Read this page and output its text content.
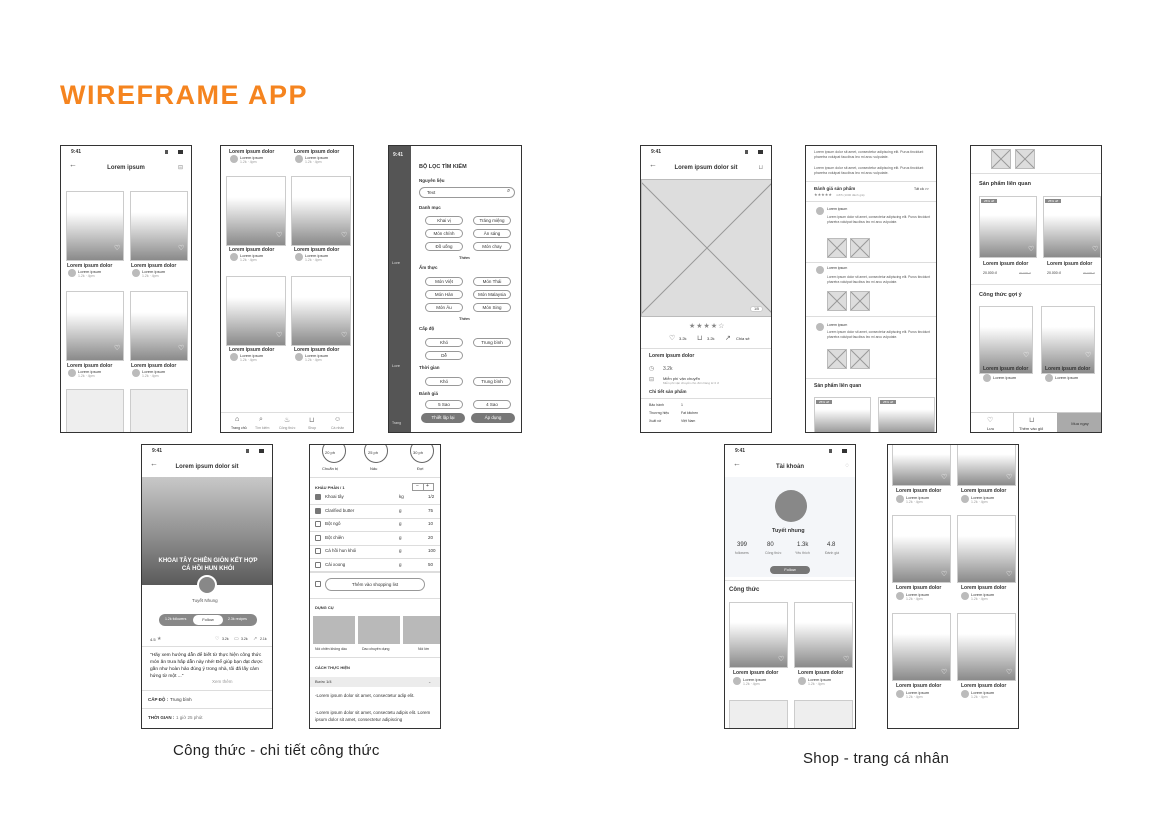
WIREFRAME APP
Công thức - chi tiết công thức	Shop - trang cá nhân
9:41
←	Lorem ipsum	⊟
♡	♡
Lorem ipsum dolor	Lorem ipsum dolor
Lorem ipsum
1.2k · 4pm
Lorem ipsum
1.2k · 4pm
♡	♡
Lorem ipsum dolor	Lorem ipsum dolor
Lorem ipsum
1.2k · 4pm
Lorem ipsum
1.2k · 4pm
Lorem ipsum dolor	Lorem ipsum dolor
Lorem ipsum
1.2k · 4pm
Lorem ipsum
1.2k · 4pm
♡	♡
Lorem ipsum dolor	Lorem ipsum dolor
Lorem ipsum
1.2k · 4pm
Lorem ipsum
1.2k · 4pm
♡	♡
Lorem ipsum dolor	Lorem ipsum dolor
Lorem ipsum
1.2k · 4pm
Lorem ipsum
1.2k · 4pm
⌂
Trang chủ
⌕
Tìm kiếm
♨
Công thức
⊔
Shop
☺
Cá nhân
9:41
Lore
Lore
Trang
BỘ LỌC TÌM KIẾM
Nguyên liệu
Text	⌕
Danh mục
Khai vị	Tráng miệng
Món chính	Ăn sáng
Đồ uống	Món chay
Thêm
Ẩm thực
Món Việt	Món Thái
Món Hàn	Món Malaysia
Món Âu	Món Sing
Thêm
Cấp độ
Khó	Trung bình
Dễ
Thời gian
Khó	Trung bình
Đánh giá
5 Sao	4 Sao
Thiết lập lại	Áp dụng
9:41
←	Lorem ipsum dolor sit	⊔
1/5
★★★★☆
♡ 3.2k ⊔ 3.2k ↗ Chia sẻ
Lorem ipsum dolor
◷ 3.2k
⊟ Miễn phí vận chuyển
Miễn phí vận chuyển cho đơn hàng từ 0 đ
Chi tiết sản phẩm
Bảo hành	1
Thương hiệu	Fat kitchen
Xuất xứ	Việt Nam
Lorem ipsum dolor sit amet, consectetur adipiscing elit. Purus tincidunt pharetra volutpat faucibus leo mi arcu vulputate.
Lorem ipsum dolor sit amet, consectetur adipiscing elit. Purus tincidunt pharetra volutpat faucibus leo mi arcu vulputate.
Đánh giá sản phẩm
★★★★★ 4.8/5 (1000 đánh giá)
Tất cả >>
Lorem ipsum
Lorem ipsum dolor sit amet, consectetur adipiscing elit. Purus tincidunt pharetra volutpat faucibus leo mi arcu vulputate.
Lorem ipsum
Lorem ipsum dolor sit amet, consectetur adipiscing elit. Purus tincidunt pharetra volutpat faucibus leo mi arcu vulputate.
Lorem ipsum
Lorem ipsum dolor sit amet, consectetur adipiscing elit. Purus tincidunt pharetra volutpat faucibus leo mi arcu vulputate.
Sản phẩm liên quan
25% off	25% off
Sản phẩm liên quan
♡	♡
25% off	25% off
Lorem ipsum dolor	Lorem ipsum dolor
20.000 đ	30.000 đ	20.000 đ	30.000 đ
Công thức gợi ý
♡	♡
Lorem ipsum dolor	Lorem ipsum dolor
Lorem ipsum	Lorem ipsum
♡
Lưu
⊔
Thêm vào giỏ
Mua ngay
9:41
←	Lorem ipsum dolor sit
KHOAI TÂY CHIÊN GIÒN KẾT HỢP CÁ HỒI HUN KHÓI
Tuyết Nhung
1.2k followers	Follow	2.3k recipes
4.5 ★	♡ 3.2k ▭ 3.2k ↗ 2.1k
"Hãy xem hướng dẫn để biết từ thực hiện công thức món ăn trưa hấp dẫn này nhé! Để giúp bạn đạt được gần như hoàn hảo đúng ý trong nhà, tôi đã lấy cảm hứng từ một ..."
Xem thêm
CẤP ĐỘ : Trung bình
THỜI GIAN : 1 giờ 25 phút
20 ph	25 ph	30 ph
Chuẩn bị	Nấu	Đợi
KHẨU PHẦN / 1	− +
Khoai tây	kg	1/2
Clarified butter	g	75
Bột ngô	g	10
Bột chiên	g	20
Cá hồi hun khói	g	100
Cải xoong	g	50
Thêm vào shopping list
DỤNG CỤ
Nồi chiên không dầu	Dao chuyên dụng	Nồi lớn
CÁCH THỰC HIỆN
Bước 1/4	⌄
-Lorem ipsum dolor sit amet, consectetur adip elit.
-Lorem ipsum dolor sit amet, consectetu adipis elit. Lorem ipsum dolor sit amet, consectetur adipiscing
9:41
←	Tài khoản	◌
Tuyết nhung
399
followers
80
Công thức
1.3k
Yêu thích
4.8
Đánh giá
Follow
Công thức
♡	♡
Lorem ipsum dolor	Lorem ipsum dolor
Lorem ipsum
1.2k · 4pm
Lorem ipsum
1.2k · 4pm
♡
Lorem ipsum dolor
Lorem ipsum
1.2k · 4pm
♡
Lorem ipsum dolor
Lorem ipsum
1.2k · 4pm
♡
Lorem ipsum dolor
Lorem ipsum
1.2k · 4pm
♡
Lorem ipsum dolor
Lorem ipsum
1.2k · 4pm
♡
Lorem ipsum dolor
Lorem ipsum
1.2k · 4pm
♡
Lorem ipsum dolor
Lorem ipsum
1.2k · 4pm
